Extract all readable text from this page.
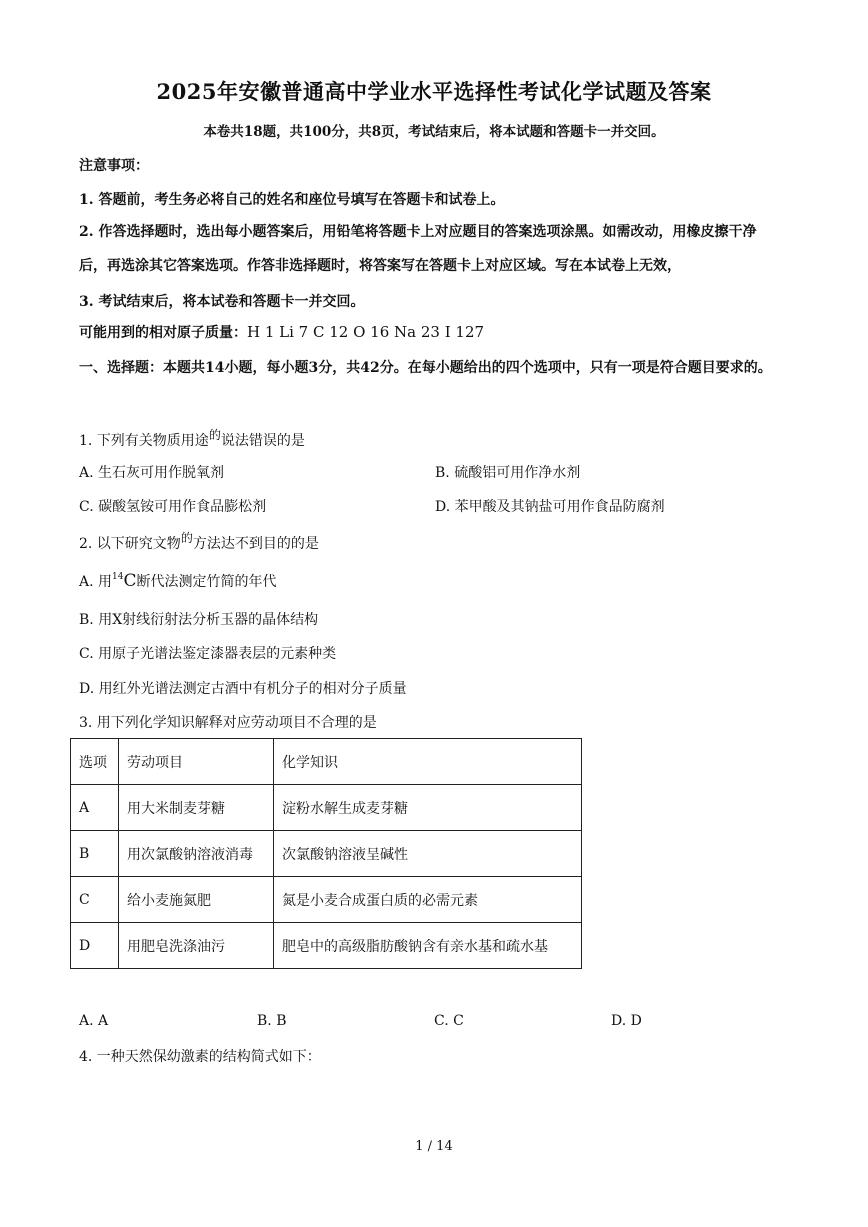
2025年安徽普通高中学业水平选择性考试化学试题及答案
本卷共18题，共100分，共8页，考试结束后，将本试题和答题卡一并交回。
注意事项：
1. 答题前，考生务必将自己的姓名和座位号填写在答题卡和试卷上。
2. 作答选择题时，选出每小题答案后，用铅笔将答题卡上对应题目的答案选项涂黑。如需改动，用橡皮擦干净后，再选涂其它答案选项。作答非选择题时，将答案写在答题卡上对应区域。写在本试卷上无效，
3. 考试结束后，将本试卷和答题卡一并交回。
可能用到的相对原子质量：H 1 Li 7 C 12 O 16 Na 23 I 127
一、选择题：本题共14小题，每小题3分，共42分。在每小题给出的四个选项中，只有一项是符合题目要求的。
1. 下列有关物质用途的说法错误的是
A. 生石灰可用作脱氧剂	B. 硫酸铝可用作净水剂
C. 碳酸氢铵可用作食品膨松剂	D. 苯甲酸及其钠盐可用作食品防腐剂
2. 以下研究文物的方法达不到目的的是
A. 用$^{14}$C断代法测定竹简的年代
B. 用X射线衍射法分析玉器的晶体结构
C. 用原子光谱法鉴定漆器表层的元素种类
D. 用红外光谱法测定古酒中有机分子的相对分子质量
3. 用下列化学知识解释对应劳动项目不合理的是
选项	劳动项目	化学知识
A	用大米制麦芽糖	淀粉水解生成麦芽糖
B	用次氯酸钠溶液消毒	次氯酸钠溶液呈碱性
C	给小麦施氮肥	氮是小麦合成蛋白质的必需元素
D	用肥皂洗涤油污	肥皂中的高级脂肪酸钠含有亲水基和疏水基
A. A	B. B	C. C	D. D
4. 一种天然保幼激素的结构简式如下：
1 / 14
